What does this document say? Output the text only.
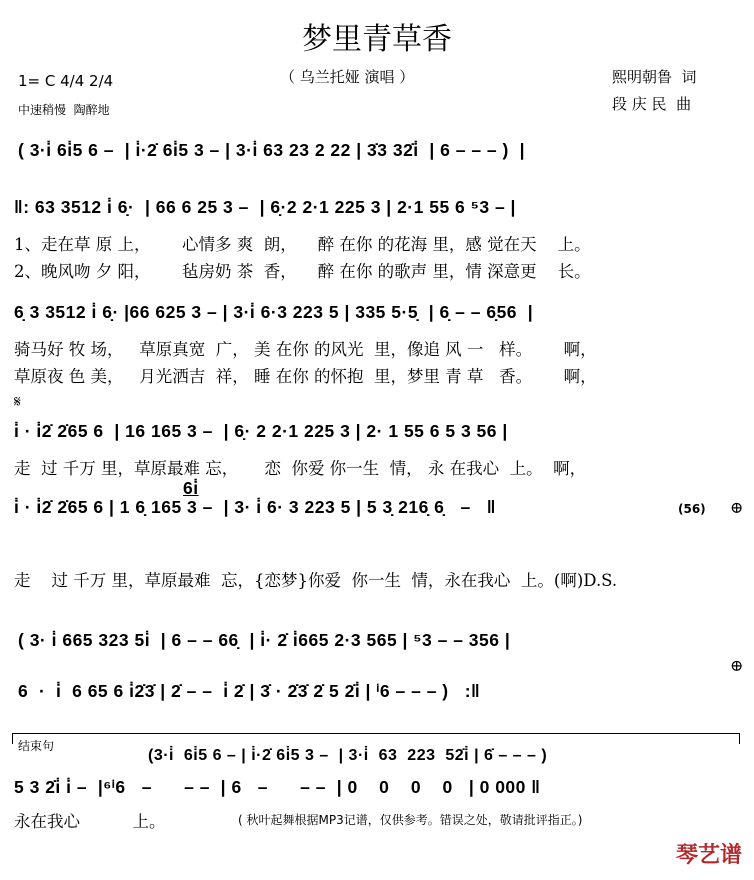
梦里青草香
（ 乌兰托娅 演唱 ）	熙明朝鲁  词
段 庆 民  曲
1= C 4/4 2/4
中速稍慢  陶醉地
( 3·i̇ 6i̇5 6 –  | i̇·2̇ 6i̇5 3 – | 3·i̇ 63 23 2 22 | 3̇3 32̇i̇  | 6 – – – )  |
‖: 63 3512 i̇ 6̣·  | 66 6 25 3 –  | 6̣·2 2·1 225 3 | 2·1 55 6 ⁵3 – |
1、走在草 原 上，      心情多 爽  朗，    醉 在你 的花海 里，感 觉在天    上。
2、晚风吻 夕 阳，      毡房奶 茶  香，    醉 在你 的歌声 里，情 深意更    长。
6̣ 3 3512 i̇ 6̣· |66 625 3 – | 3·i̇ 6·3 223 5 | 335 5·5̣  | 6̣ – – 6̣56  |
骑马好 牧 场，   草原真宽  广， 美 在你 的风光  里，像追 风 一   样。      啊，
草原夜 色 美，   月光洒吉  祥， 睡 在你 的怀抱  里，梦里 青 草   香。      啊，
𝄋
i̇ · i̇2̇ 2̇65 6  | 16 165 3 –  | 6̣· 2 2·1 225 3 | 2· 1 55 6 5 3 56 |
走  过 千万 里，草原最难 忘，     恋  你爱 你一生  情， 永 在我心  上。  啊，
6i̇
i̇ · i̇2̇ 2̇65 6 | 1 6̣ 165 3 –  | 3· i̇ 6· 3 223 5 | 5 3̣ 216̣ 6̣   –   ‖	(56) ⊕
走    过 千万 里，草原最难  忘，{恋梦}你爱  你一生  情，永在我心  上。(啊)D.S.
( 3· i̇ 665 323 5i̇  | 6 – – 66̣  | i̇· 2̇ i̇665 2·3 565 | ⁵3 – – 356 |
⊕
6  ·  i̇  6 65 6 i̇2̇3̇ | 2̇ – –  i̇ 2̇ | 3̇ · 2̇3̇ 2̇ 5 2̇i̇ | ⁱ6 – – – )   :‖
结束句
(3·i̇  6i̇5 6 – | i̇·2̇ 6i̇5 3 –  | 3·i̇  63  223  52̇i̇ | 6̇ – – – )
5 3 2̇i̇ i̇ –  |⁶ⁱ6   –      – –  | 6   –      – –  | 0    0    0    0   | 0 000 ‖
永在我心          上。	( 秋叶起舞根据MP3记谱，仅供参考。错误之处，敬请批评指正。)
琴艺谱
